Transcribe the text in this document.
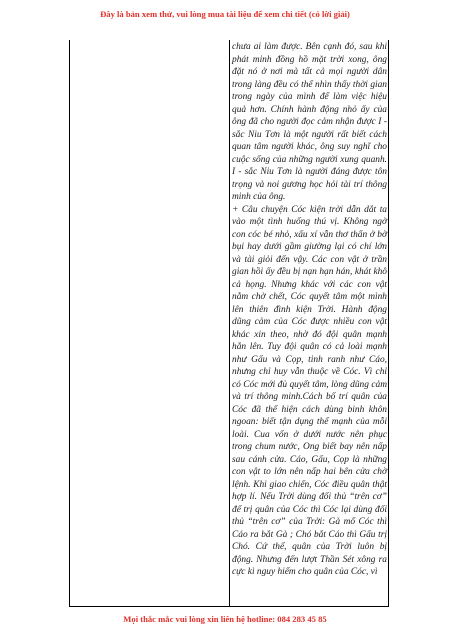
Đây là bản xem thử, vui lòng mua tài liệu để xem chi tiết (có lời giải)

chưa ai làm được. Bên cạnh đó, sau khi phát minh đồng hồ mặt trời xong, ông đặt nó ở nơi mà tất cả mọi người dân trong làng đều có thể nhìn thấy thời gian trong ngày của mình để làm việc hiệu quả hơn. Chính hành động nhỏ ấy của ông đã cho người đọc cảm nhận được I - sắc Niu Tơn là một người rất biết cách quan tâm người khác, ông suy nghĩ cho cuộc sống của những người xung quanh. I - sắc Niu Tơn là người đáng được tôn trọng và noi gương học hỏi tài trí thông minh của ông.

+ Câu chuyện Cóc kiện trời dẫn dắt ta vào một tình huống thú vị. Không ngờ con cóc bé nhỏ, xấu xí vẫn thơ thẩn ở bờ bụi hay dưới gầm giường lại có chí lớn và tài giỏi đến vậy. Các con vật ở trần gian hồi ấy đều bị nạn hạn hán, khát khô cả họng. Nhưng khác với các con vật nằm chờ chết, Cóc quyết tâm một mình lên thiên đình kiện Trời. Hành động dũng cảm của Cóc được nhiều con vật khác xin theo, nhờ đó đội quân mạnh hẳn lên. Tuy đội quân có cả loài mạnh như Gấu và Cọp, tinh ranh như Cáo, nhưng chỉ huy vẫn thuộc về Cóc. Vì chỉ có Cóc mới đủ quyết tâm, lòng dũng cảm và trí thông minh.Cách bố trí quân của Cóc đã thể hiện cách dùng binh khôn ngoan: biết tận dụng thế mạnh của mỗi loài. Cua vốn ở dưới nước nên phục trong chum nước, Ong biết bay nên nấp sau cánh cửa. Cáo, Gấu, Cọp là những con vật to lớn nên nấp hai bên cửa chờ lệnh. Khi giao chiến, Cóc điều quân thật hợp lí. Nếu Trời dùng đối thủ “trên cơ” để trị quân của Cóc thì Cóc lại dùng đối thủ “trên cơ” của Trời: Gà mổ Cóc thì Cáo ra bắt Gà ; Chó bắt Cáo thì Gấu trị Chó. Cứ thế, quân của Trời luôn bị động. Nhưng đến lượt Thần Sét xông ra cực kì nguy hiểm cho quân của Cóc, vì

Mọi thắc mắc vui lòng xin liên hệ hotline: 084 283 45 85
